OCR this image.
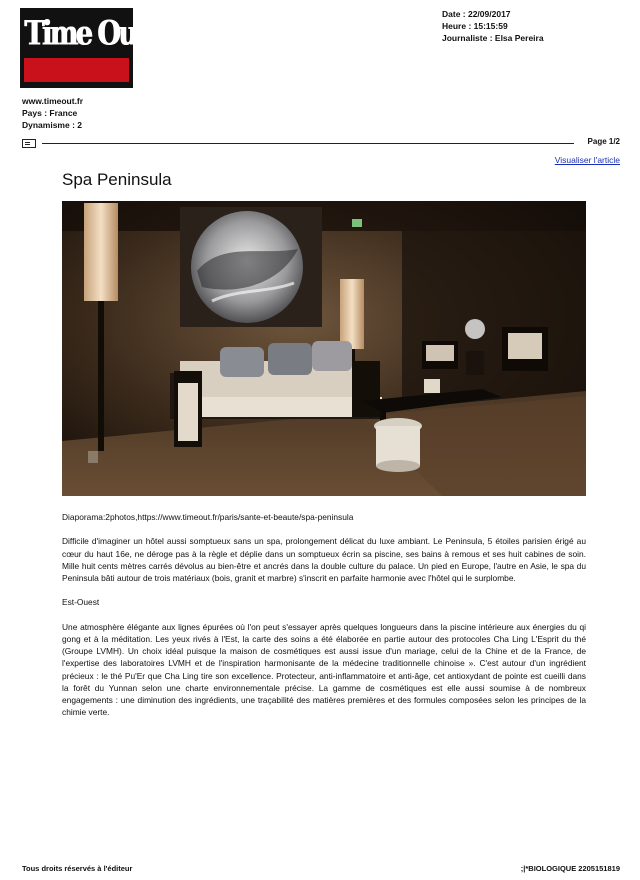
Time Out
www.timeout.fr
Pays : France
Dynamisme : 2
Date : 22/09/2017
Heure : 15:15:59
Journaliste : Elsa Pereira
Page 1/2
Visualiser l'article
Spa Peninsula

Diaporama:2photos,https://www.timeout.fr/paris/sante-et-beaute/spa-peninsula

Difficile d'imaginer un hôtel aussi somptueux sans un spa, prolongement délicat du luxe ambiant. Le Peninsula, 5 étoiles parisien érigé au cœur du haut 16e, ne déroge pas à la règle et déplie dans un somptueux écrin sa piscine, ses bains à remous et ses huit cabines de soin. Mille huit cents mètres carrés dévolus au bien-être et ancrés dans la double culture du palace. Un pied en Europe, l'autre en Asie, le spa du Peninsula bâti autour de trois matériaux (bois, granit et marbre) s'inscrit en parfaite harmonie avec l'hôtel qui le surplombe.

Est-Ouest

Une atmosphère élégante aux lignes épurées où l'on peut s'essayer après quelques longueurs dans la piscine intérieure aux énergies du qi gong et à la méditation. Les yeux rivés à l'Est, la carte des soins a été élaborée en partie autour des protocoles Cha Ling L'Esprit du thé (Groupe LVMH). Un choix idéal puisque la maison de cosmétiques est aussi issue d'un mariage, celui de la Chine et de la France, de l'expertise des laboratoires LVMH et de l'inspiration harmonisante de la médecine traditionnelle chinoise ». C'est autour d'un ingrédient précieux : le thé Pu'Er que Cha Ling tire son excellence. Protecteur, anti-inflammatoire et anti-âge, cet antioxydant de pointe est cueilli dans la forêt du Yunnan selon une charte environnementale précise. La gamme de cosmétiques est elle aussi soumise à de nombreux engagements : une diminution des ingrédients, une traçabilité des matières premières et des formules composées selon les principes de la chimie verte.

Tous droits réservés à l'éditeur	;|*BIOLOGIQUE 2205151819
